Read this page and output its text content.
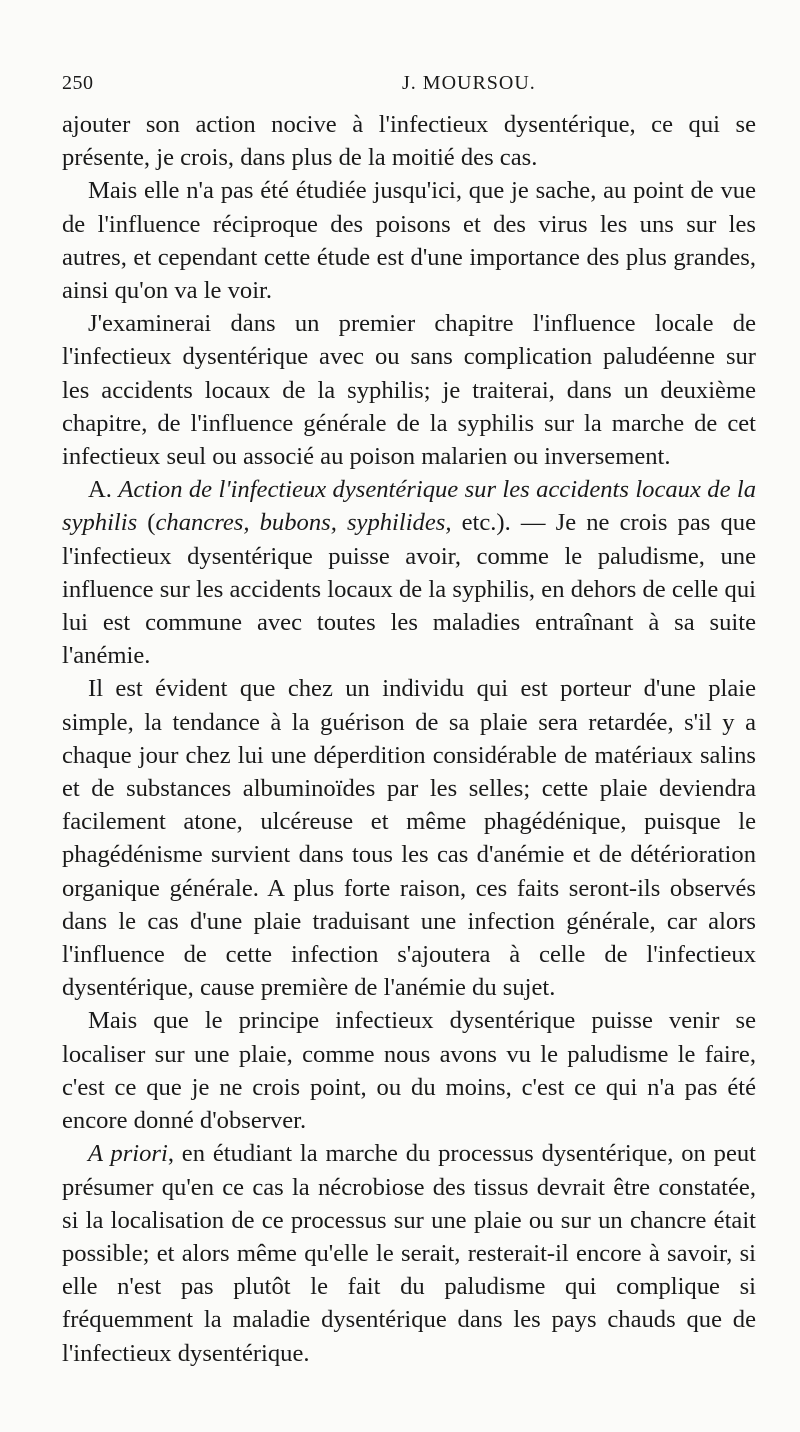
250	J. MOURSOU.

ajouter son action nocive à l'infectieux dysentérique, ce qui se présente, je crois, dans plus de la moitié des cas.

Mais elle n'a pas été étudiée jusqu'ici, que je sache, au point de vue de l'influence réciproque des poisons et des virus les uns sur les autres, et cependant cette étude est d'une importance des plus grandes, ainsi qu'on va le voir.

J'examinerai dans un premier chapitre l'influence locale de l'infectieux dysentérique avec ou sans complication paludéenne sur les accidents locaux de la syphilis; je traiterai, dans un deuxième chapitre, de l'influence générale de la syphilis sur la marche de cet infectieux seul ou associé au poison malarien ou inversement.

A. Action de l'infectieux dysentérique sur les accidents locaux de la syphilis (chancres, bubons, syphilides, etc.). — Je ne crois pas que l'infectieux dysentérique puisse avoir, comme le paludisme, une influence sur les accidents locaux de la syphilis, en dehors de celle qui lui est commune avec toutes les maladies entraînant à sa suite l'anémie.

Il est évident que chez un individu qui est porteur d'une plaie simple, la tendance à la guérison de sa plaie sera retardée, s'il y a chaque jour chez lui une déperdition considérable de matériaux salins et de substances albuminoïdes par les selles; cette plaie deviendra facilement atone, ulcéreuse et même phagédénique, puisque le phagédénisme survient dans tous les cas d'anémie et de détérioration organique générale. A plus forte raison, ces faits seront-ils observés dans le cas d'une plaie traduisant une infection générale, car alors l'influence de cette infection s'ajoutera à celle de l'infectieux dysentérique, cause première de l'anémie du sujet.

Mais que le principe infectieux dysentérique puisse venir se localiser sur une plaie, comme nous avons vu le paludisme le faire, c'est ce que je ne crois point, ou du moins, c'est ce qui n'a pas été encore donné d'observer.

A priori, en étudiant la marche du processus dysentérique, on peut présumer qu'en ce cas la nécrobiose des tissus devrait être constatée, si la localisation de ce processus sur une plaie ou sur un chancre était possible; et alors même qu'elle le serait, resterait-il encore à savoir, si elle n'est pas plutôt le fait du paludisme qui complique si fréquemment la maladie dysentérique dans les pays chauds que de l'infectieux dysentérique.
